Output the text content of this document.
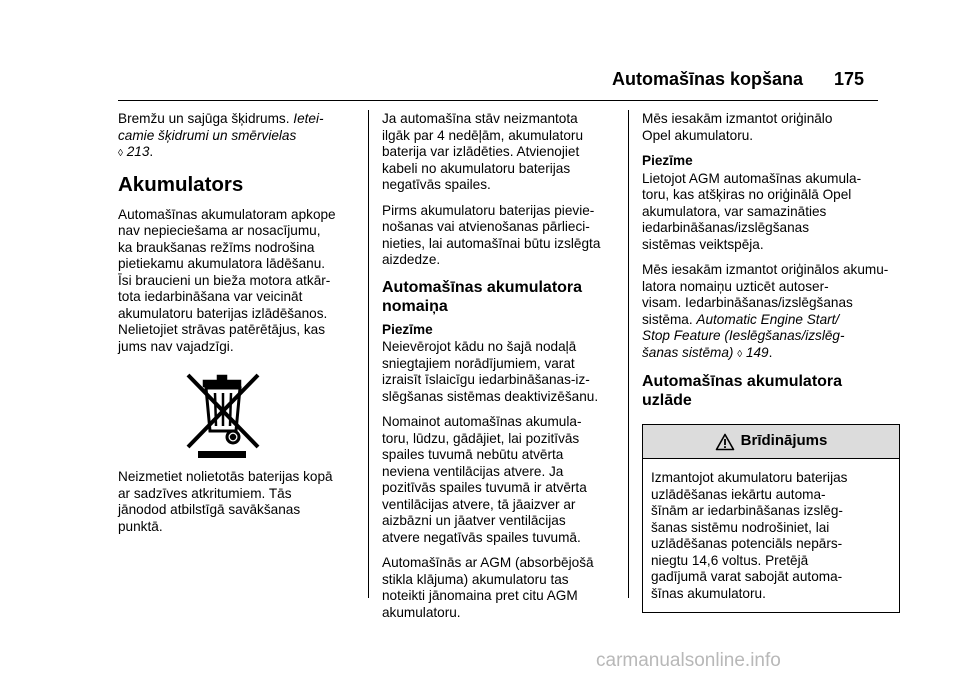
Automašīnas kopšana 175

Bremžu un sajūga šķidrums. Ietei-
camie šķidrumi un smērvielas
◊ 213.

Akumulators

Automašīnas akumulatoram apkope
nav nepieciešama ar nosacījumu,
ka braukšanas režīms nodrošina
pietiekamu akumulatora lādēšanu.
Īsi braucieni un bieža motora atkār-
tota iedarbināšana var veicināt
akumulatoru baterijas izlādēšanos.
Nelietojiet strāvas patērētājus, kas
jums nav vajadzīgi.

Neizmetiet nolietotās baterijas kopā
ar sadzīves atkritumiem. Tās
jānodod atbilstīgā savākšanas
punktā.

Ja automašīna stāv neizmantota
ilgāk par 4 nedēļām, akumulatoru
baterija var izlādēties. Atvienojiet
kabeli no akumulatoru baterijas
negatīvās spailes.

Pirms akumulatoru baterijas pievie-
nošanas vai atvienošanas pārlieci-
nieties, lai automašīnai būtu izslēgta
aizdedze.

Automašīnas akumulatora
nomaiņa

Piezīme
Neievērojot kādu no šajā nodaļā
sniegtajiem norādījumiem, varat
izraisīt īslaicīgu iedarbināšanas-iz-
slēgšanas sistēmas deaktivizēšanu.

Nomainot automašīnas akumula-
toru, lūdzu, gādājiet, lai pozitīvās
spailes tuvumā nebūtu atvērta
neviena ventilācijas atvere. Ja
pozitīvās spailes tuvumā ir atvērta
ventilācijas atvere, tā jāaizver ar
aizbāzni un jāatver ventilācijas
atvere negatīvās spailes tuvumā.

Automašīnās ar AGM (absorbējošā
stikla klājuma) akumulatoru tas
noteikti jānomaina pret citu AGM
akumulatoru.

Mēs iesakām izmantot oriģinālo
Opel akumulatoru.

Piezīme
Lietojot AGM automašīnas akumula-
toru, kas atšķiras no oriģinālā Opel
akumulatora, var samazināties
iedarbināšanas/izslēgšanas
sistēmas veiktspēja.

Mēs iesakām izmantot oriģinālos akumu-
latora nomaiņu uzticēt autoser-
visam. Iedarbināšanas/izslēgšanas
sistēma. Automatic Engine Start/
Stop Feature (Ieslēgšanas/izslēg-
šanas sistēma) ◊ 149.

Automašīnas akumulatora
uzlāde
Brīdinājums
Izmantojot akumulatoru baterijas
uzlādēšanas iekārtu automa-
šīnām ar iedarbināšanas izslēg-
šanas sistēmu nodrošiniet, lai
uzlādēšanas potenciāls nepārs-
niegtu 14,6 voltus. Pretējā
gadījumā varat sabojāt automa-
šīnas akumulatoru.
carmanualsonline.info
